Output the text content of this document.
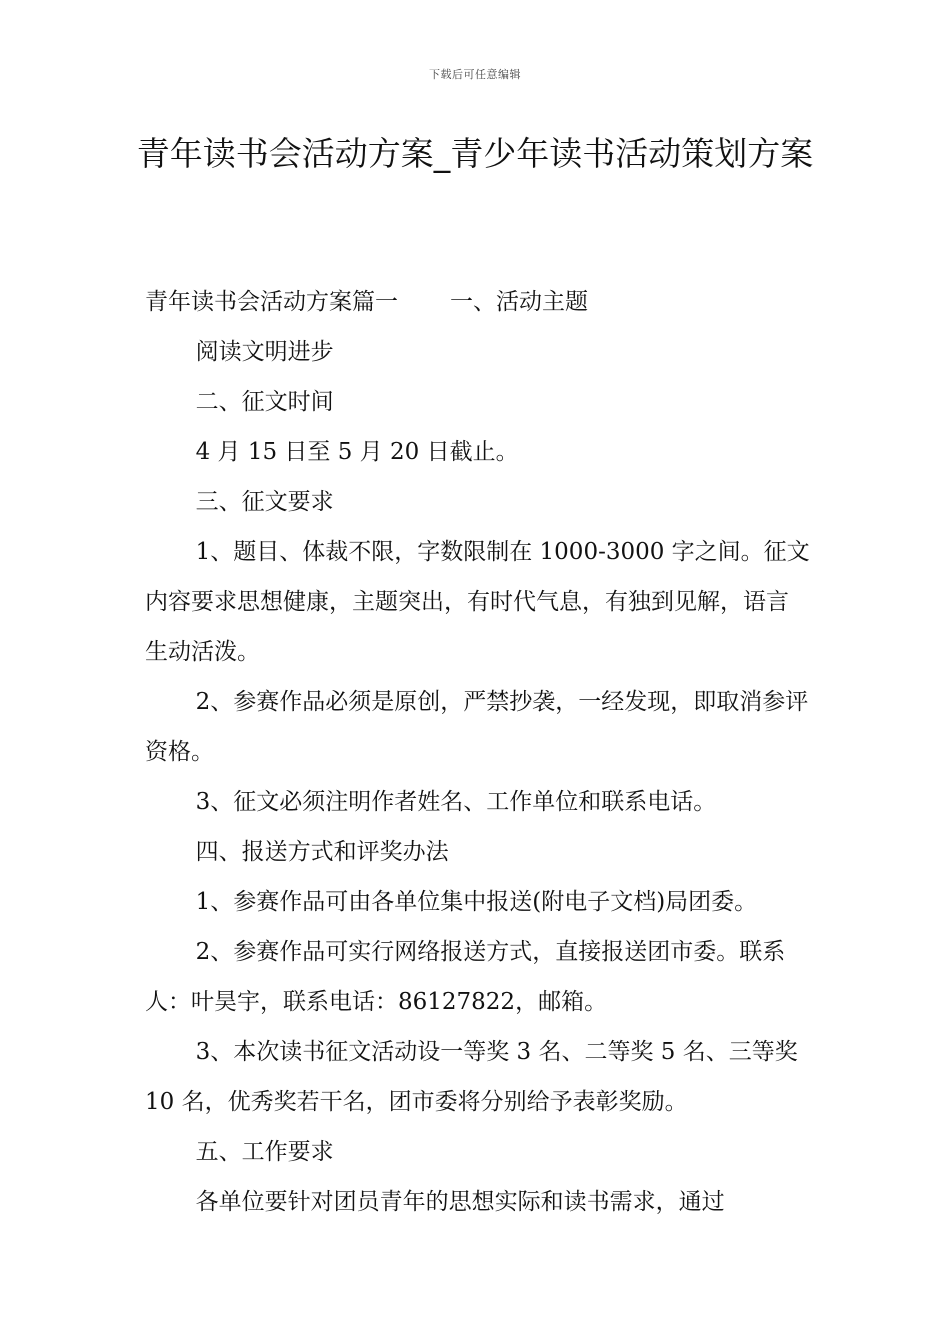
下载后可任意编辑
青年读书会活动方案_青少年读书活动策划方案

青年读书会活动方案篇一 一、活动主题

阅读文明进步

二、征文时间

4 月 15 日至 5 月 20 日截止。

三、征文要求

1、题目、体裁不限，字数限制在 1000-3000 字之间。征文内容要求思想健康，主题突出，有时代气息，有独到见解，语言生动活泼。

2、参赛作品必须是原创，严禁抄袭，一经发现，即取消参评资格。

3、征文必须注明作者姓名、工作单位和联系电话。

四、报送方式和评奖办法

1、参赛作品可由各单位集中报送(附电子文档)局团委。

2、参赛作品可实行网络报送方式，直接报送团市委。联系人：叶昊宇，联系电话：86127822，邮箱。

3、本次读书征文活动设一等奖 3 名、二等奖 5 名、三等奖 10 名，优秀奖若干名，团市委将分别给予表彰奖励。

五、工作要求

各单位要针对团员青年的思想实际和读书需求，通过
